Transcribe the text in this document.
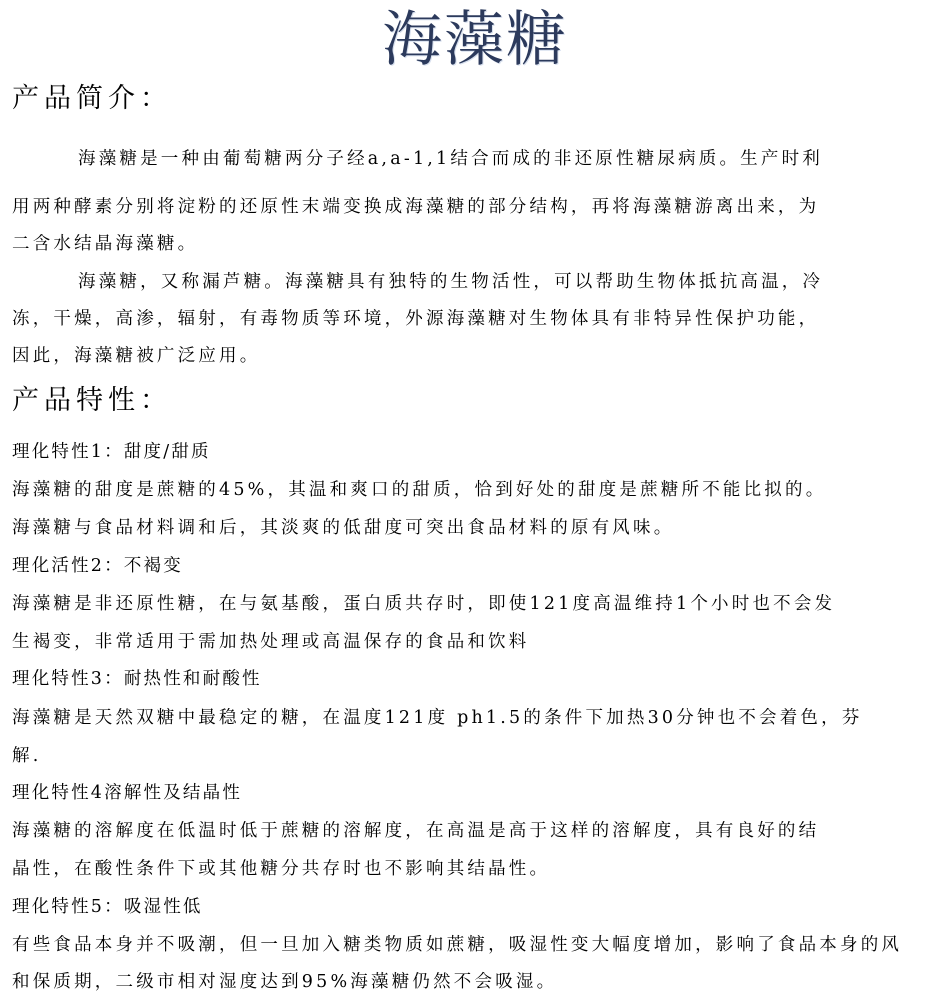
海藻糖
产品简介：
海藻糖是一种由葡萄糖两分子经a,a-1,1结合而成的非还原性糖尿病质。生产时利
用两种酵素分别将淀粉的还原性末端变换成海藻糖的部分结构，再将海藻糖游离出来，为
二含水结晶海藻糖。
海藻糖，又称漏芦糖。海藻糖具有独特的生物活性，可以帮助生物体抵抗高温，冷
冻，干燥，高渗，辐射，有毒物质等环境，外源海藻糖对生物体具有非特异性保护功能，
因此，海藻糖被广泛应用。
产品特性：
理化特性1：甜度/甜质
海藻糖的甜度是蔗糖的45%，其温和爽口的甜质，恰到好处的甜度是蔗糖所不能比拟的。
海藻糖与食品材料调和后，其淡爽的低甜度可突出食品材料的原有风味。
理化活性2：不褐变
海藻糖是非还原性糖，在与氨基酸，蛋白质共存时，即使121度高温维持1个小时也不会发
生褐变，非常适用于需加热处理或高温保存的食品和饮料
理化特性3：耐热性和耐酸性
海藻糖是天然双糖中最稳定的糖，在温度121度 ph1.5的条件下加热30分钟也不会着色，芬
解.
理化特性4溶解性及结晶性
海藻糖的溶解度在低温时低于蔗糖的溶解度，在高温是高于这样的溶解度，具有良好的结
晶性，在酸性条件下或其他糖分共存时也不影响其结晶性。
理化特性5：吸湿性低
有些食品本身并不吸潮，但一旦加入糖类物质如蔗糖，吸湿性变大幅度增加，影响了食品本身的风
和保质期，二级市相对湿度达到95%海藻糖仍然不会吸湿。
